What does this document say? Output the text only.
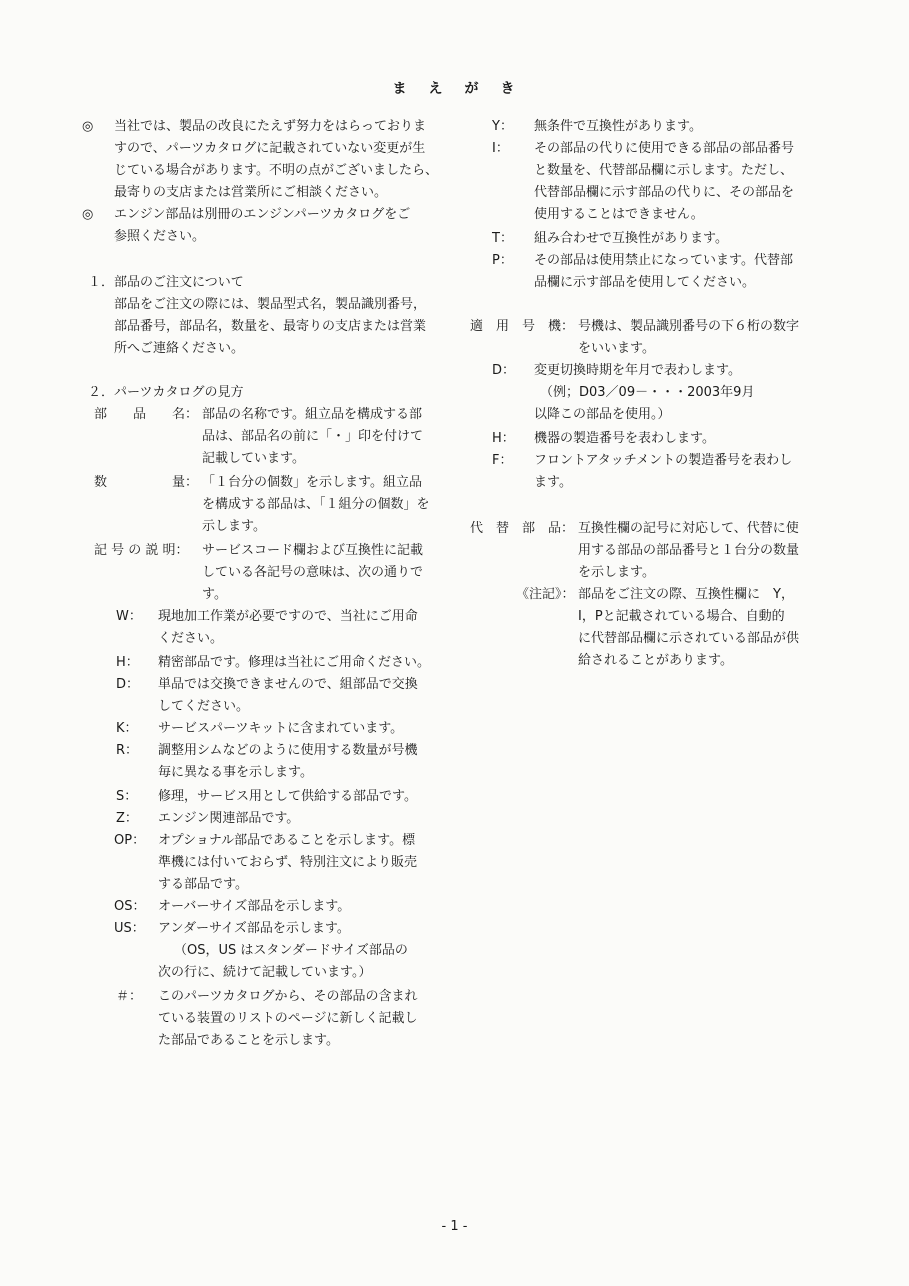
ま え が き
◎ 当社では、製品の改良にたえず努力をはらっておりま
すので、パーツカタログに記載されていない変更が生
じている場合があります。不明の点がございましたら、
最寄りの支店または営業所にご相談ください。
◎ エンジン部品は別冊のエンジンパーツカタログをご
参照ください。
１．部品のご注文について
部品をご注文の際には、製品型式名，製品識別番号，
部品番号，部品名，数量を、最寄りの支店または営業
所へご連絡ください。
２．パーツカタログの見方
部　　品　　名： 部品の名称です。組立品を構成する部
品は、部品名の前に「・」印を付けて
記載しています。
数　　　　　量： 「１台分の個数」を示します。組立品
を構成する部品は、「１組分の個数」を
示します。
記 号 の 説 明： サービスコード欄および互換性に記載
している各記号の意味は、次の通りで
す。
W： 現地加工作業が必要ですので、当社にご用命
ください。
H： 精密部品です。修理は当社にご用命ください。
D： 単品では交換できませんので、組部品で交換
してください。
K： サービスパーツキットに含まれています。
R： 調整用シムなどのように使用する数量が号機
毎に異なる事を示します。
S： 修理，サービス用として供給する部品です。
Z： エンジン関連部品です。
OP： オプショナル部品であることを示します。標
準機には付いておらず、特別注文により販売
する部品です。
OS： オーバーサイズ部品を示します。
US： アンダーサイズ部品を示します。
（OS，US はスタンダードサイズ部品の
次の行に、続けて記載しています。）
＃： このパーツカタログから、その部品の含まれ
ている装置のリストのページに新しく記載し
た部品であることを示します。
Y： 無条件で互換性があります。
I： その部品の代りに使用できる部品の部品番号
と数量を、代替部品欄に示します。ただし、
代替部品欄に示す部品の代りに、その部品を
使用することはできません。
T： 組み合わせで互換性があります。
P： その部品は使用禁止になっています。代替部
品欄に示す部品を使用してください。
適　用　号　機： 号機は、製品識別番号の下６桁の数字
をいいます。
D： 変更切換時期を年月で表わします。
（例；D03／09－・・・2003年9月
以降この部品を使用。）
H： 機器の製造番号を表わします。
F： フロントアタッチメントの製造番号を表わし
ます。
代　替　部　品： 互換性欄の記号に対応して、代替に使
用する部品の部品番号と１台分の数量
を示します。
《注記》： 部品をご注文の際、互換性欄に　Y，
I，Pと記載されている場合、自動的
に代替部品欄に示されている部品が供
給されることがあります。
- 1 -
